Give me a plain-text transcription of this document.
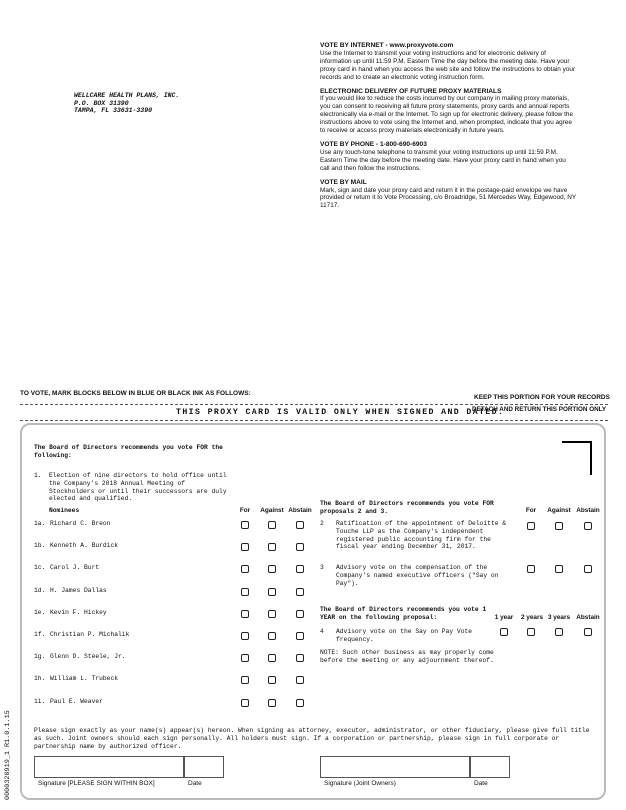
WELLCARE HEALTH PLANS, INC.
P.O. BOX 31390
TAMPA, FL 33631-3390
VOTE BY INTERNET - www.proxyvote.com

Use the Internet to transmit your voting instructions and for electronic delivery of information up until 11:59 P.M. Eastern Time the day before the meeting date. Have your proxy card in hand when you access the web site and follow the instructions to obtain your records and to create an electronic voting instruction form.

ELECTRONIC DELIVERY OF FUTURE PROXY MATERIALS

If you would like to reduce the costs incurred by our company in mailing proxy materials, you can consent to receiving all future proxy statements, proxy cards and annual reports electronically via e-mail or the Internet. To sign up for electronic delivery, please follow the instructions above to vote using the Internet and, when prompted, indicate that you agree to receive or access proxy materials electronically in future years.

VOTE BY PHONE - 1-800-690-6903

Use any touch-tone telephone to transmit your voting instructions up until 11:59 P.M. Eastern Time the day before the meeting date. Have your proxy card in hand when you call and then follow the instructions.

VOTE BY MAIL

Mark, sign and date your proxy card and return it in the postage-paid envelope we have provided or return it to Vote Processing, c/o Broadridge, 51 Mercedes Way, Edgewood, NY 11717.

TO VOTE, MARK BLOCKS BELOW IN BLUE OR BLACK INK AS FOLLOWS:
KEEP THIS PORTION FOR YOUR RECORDS
THIS PROXY CARD IS VALID ONLY WHEN SIGNED AND DATED.
DETACH AND RETURN THIS PORTION ONLY
0000320919_1 R1.0.1.15
The Board of Directors recommends you vote FOR the following:
1.	Election of nine directors to hold office until the Company's 2018 Annual Meeting of Stockholders or until their successors are duly elected and qualified.
Nominees	For	Against Abstain
1a. Richard C. Breon
1b. Kenneth A. Burdick
1c. Carol J. Burt
1d. H. James Dallas
1e. Kevin F. Hickey
1f. Christian P. Michalik
1g. Glenn D. Steele, Jr.
1h. William L. Trubeck
1i. Paul E. Weaver
The Board of Directors recommends you vote FOR proposals 2 and 3.	For	Against Abstain
2	Ratification of the appointment of Deloitte & Touche LLP as the Company's independent registered public accounting firm for the fiscal year ending December 31, 2017.
3	Advisory vote on the compensation of the Company's named executive officers ("Say on Pay").
The Board of Directors recommends you vote 1 YEAR on the following proposal:	1 year	2 years 3 years Abstain
4	Advisory vote on the Say on Pay Vote frequency.
NOTE: Such other business as may properly come before the meeting or any adjournment thereof.
Please sign exactly as your name(s) appear(s) hereon. When signing as attorney, executor, administrator, or other fiduciary, please give full title as such. Joint owners should each sign personally. All holders must sign. If a corporation or partnership, please sign in full corporate or partnership name by authorized officer.
Signature [PLEASE SIGN WITHIN BOX]	Date	Signature (Joint Owners)	Date
